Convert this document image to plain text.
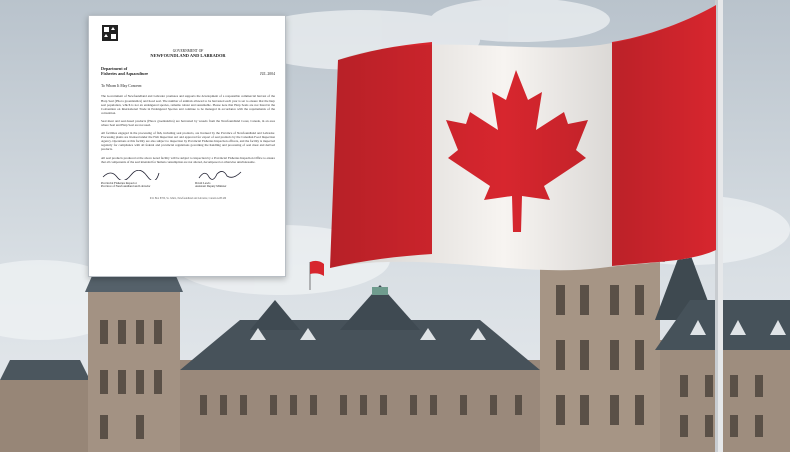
GOVERNMENT OF
NEWFOUNDLAND AND LABRADOR
Department of
Fisheries and Aquaculture	JUL 2004
To Whom It May Concern:
The Government of Newfoundland and Labrador promotes and supports the development of a responsible commercial harvest of the Harp Seal (Phoca groenlandica) and hood seal. The number of animals allowed to be harvested each year is set to ensure that the harp seal population, which is not an endangered species, remains robust and sustainable. Please note that Harp Seals are not listed in the Convention on International Trade in Endangered Species and continue to be managed in accordance with the requirements of the convention.
Seal meat and seal-based products (Phoca groenlandica) are harvested by vessels from the Newfoundland Coast, Canada, in an area where Seal and Harp Seal are not used.
All facilities engaged in the processing of fish, including seal products, are licensed by the Province of Newfoundland and Labrador. Processing plants are licensed under the Fish Inspection Act and approved for export of seal products by the Canadian Food Inspection Agency. Operations at this facility are also subject to inspection by Provincial Fisheries Inspection officers, and the facility is inspected regularly for compliance with all federal and provincial regulations governing the handling and processing of seal meat and derived products.
All seal products produced at the above noted facility will be subject to inspection by a Provincial Fisheries Inspection Office to ensure that all components of the seal intended for human consumption are not altered, decomposed or otherwise unwholesome.
Provincial Fisheries Inspector
Province of Newfoundland and Labrador
David Lewis
Assistant Deputy Minister
P.O. Box 8700, St. John's, Newfoundland and Labrador, Canada A1B 4J6
